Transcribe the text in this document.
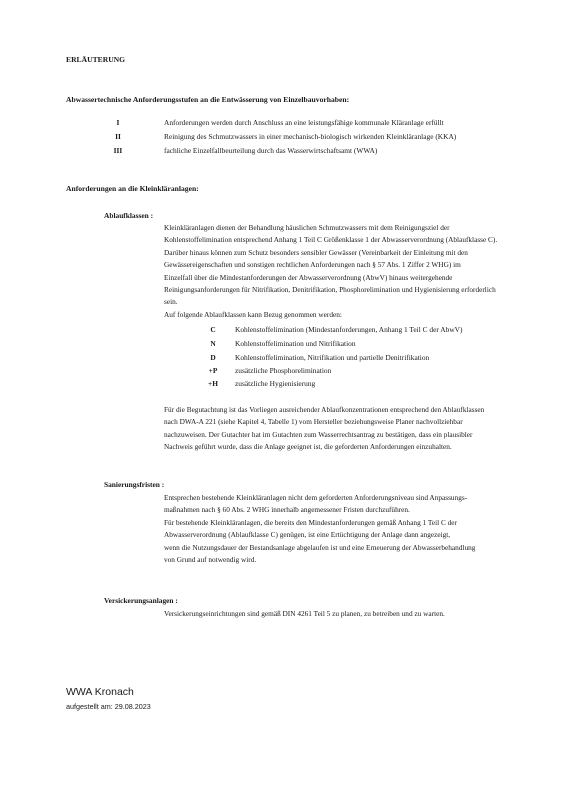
ERLÄUTERUNG
Abwassertechnische Anforderungsstufen an die Entwässerung von Einzelbauvorhaben:
I	Anforderungen werden durch Anschluss an eine leistungsfähige kommunale Kläranlage erfüllt
II	Reinigung des Schmutzwassers in einer mechanisch-biologisch wirkenden Kleinkläranlage (KKA)
III	fachliche Einzelfallbeurteilung durch das Wasserwirtschaftsamt (WWA)
Anforderungen an die Kleinkläranlagen:
Ablaufklassen :
Kleinkläranlagen dienen der Behandlung häuslichen Schmutzwassers mit dem Reinigungsziel der
Kohlenstoffelimination entsprechend Anhang 1 Teil C Größenklasse 1 der Abwasserverordnung (Ablaufklasse C).
Darüber hinaus können zum Schutz besonders sensibler Gewässer (Vereinbarkeit der Einleitung mit den
Gewässereigenschaften und sonstigen rechtlichen Anforderungen nach § 57 Abs. 1 Ziffer 2 WHG) im
Einzelfall über die Mindestanforderungen der Abwasserverordnung (AbwV) hinaus weitergehende
Reinigungsanforderungen für Nitrifikation, Denitrifikation, Phosphorelimination und Hygienisierung erforderlich
sein.
Auf folgende Ablaufklassen kann Bezug genommen werden:
C	Kohlenstoffelimination (Mindestanforderungen, Anhang 1 Teil C der AbwV)
N	Kohlenstoffelimination und Nitrifikation
D	Kohlenstoffelimination, Nitrifikation und partielle Denitrifikation
+P	zusätzliche Phosphorelimination
+H zusätzliche Hygienisierung
Für die Begutachtung ist das Vorliegen ausreichender Ablaufkonzentrationen entsprechend den Ablaufklassen
nach DWA-A 221 (siehe Kapitel 4, Tabelle 1) vom Hersteller beziehungsweise Planer nachvollziehbar
nachzuweisen. Der Gutachter hat im Gutachten zum Wasserrechtsantrag zu bestätigen, dass ein plausibler
Nachweis geführt wurde, dass die Anlage geeignet ist, die geforderten Anforderungen einzuhalten.
Sanierungsfristen :
Entsprechen bestehende Kleinkläranlagen nicht dem geforderten Anforderungsniveau sind Anpassungs-
maßnahmen nach § 60 Abs. 2 WHG innerhalb angemessener Fristen durchzuführen.
Für bestehende Kleinkläranlagen, die bereits den Mindestanforderungen gemäß Anhang 1 Teil C der
Abwasserverordnung (Ablaufklasse C) genügen, ist eine Ertüchtigung der Anlage dann angezeigt,
wenn die Nutzungsdauer der Bestandsanlage abgelaufen ist und eine Erneuerung der Abwasserbehandlung
von Grund auf notwendig wird.
Versickerungsanlagen :
Versickerungseinrichtungen sind gemäß DIN 4261 Teil 5 zu planen, zu betreiben und zu warten.
WWA Kronach
aufgestellt am: 29.08.2023
